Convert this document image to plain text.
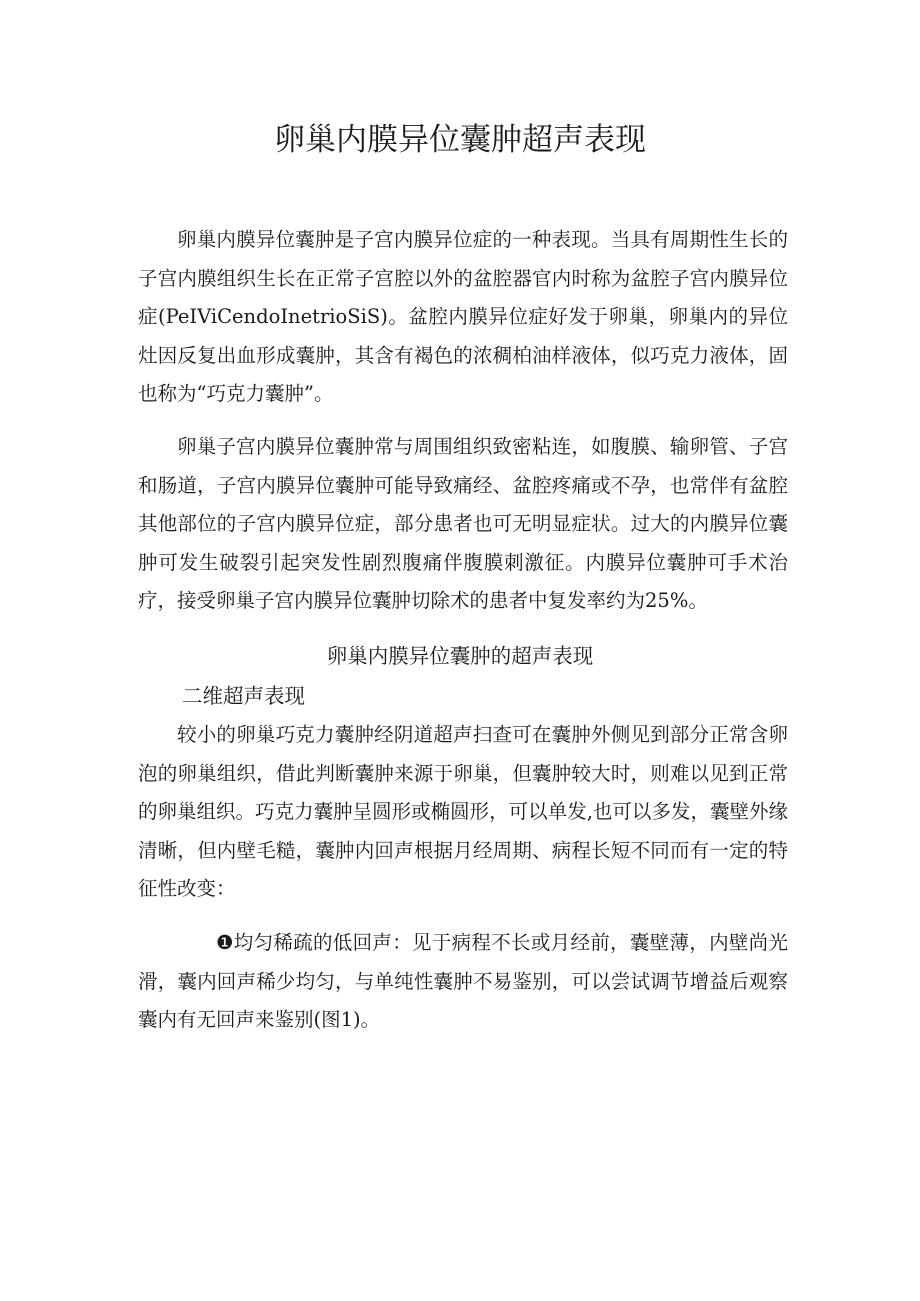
卵巢内膜异位囊肿超声表现

卵巢内膜异位囊肿是子宫内膜异位症的一种表现。当具有周期性生长的子宫内膜组织生长在正常子宫腔以外的盆腔器官内时称为盆腔子宫内膜异位症(PeIViCendoInetrioSiS)。盆腔内膜异位症好发于卵巢，卵巢内的异位灶因反复出血形成囊肿，其含有褐色的浓稠柏油样液体，似巧克力液体，固也称为“巧克力囊肿”。

卵巢子宫内膜异位囊肿常与周围组织致密粘连，如腹膜、输卵管、子宫和肠道，子宫内膜异位囊肿可能导致痛经、盆腔疼痛或不孕，也常伴有盆腔其他部位的子宫内膜异位症，部分患者也可无明显症状。过大的内膜异位囊肿可发生破裂引起突发性剧烈腹痛伴腹膜刺激征。内膜异位囊肿可手术治疗，接受卵巢子宫内膜异位囊肿切除术的患者中复发率约为25%。

卵巢内膜异位囊肿的超声表现
二维超声表现

较小的卵巢巧克力囊肿经阴道超声扫查可在囊肿外侧见到部分正常含卵泡的卵巢组织，借此判断囊肿来源于卵巢，但囊肿较大时，则难以见到正常的卵巢组织。巧克力囊肿呈圆形或椭圆形，可以单发,也可以多发，囊壁外缘清晰，但内壁毛糙，囊肿内回声根据月经周期、病程长短不同而有一定的特征性改变：

❶均匀稀疏的低回声：见于病程不长或月经前，囊壁薄，内壁尚光滑，囊内回声稀少均匀，与单纯性囊肿不易鉴别，可以尝试调节增益后观察囊内有无回声来鉴别(图1)。
